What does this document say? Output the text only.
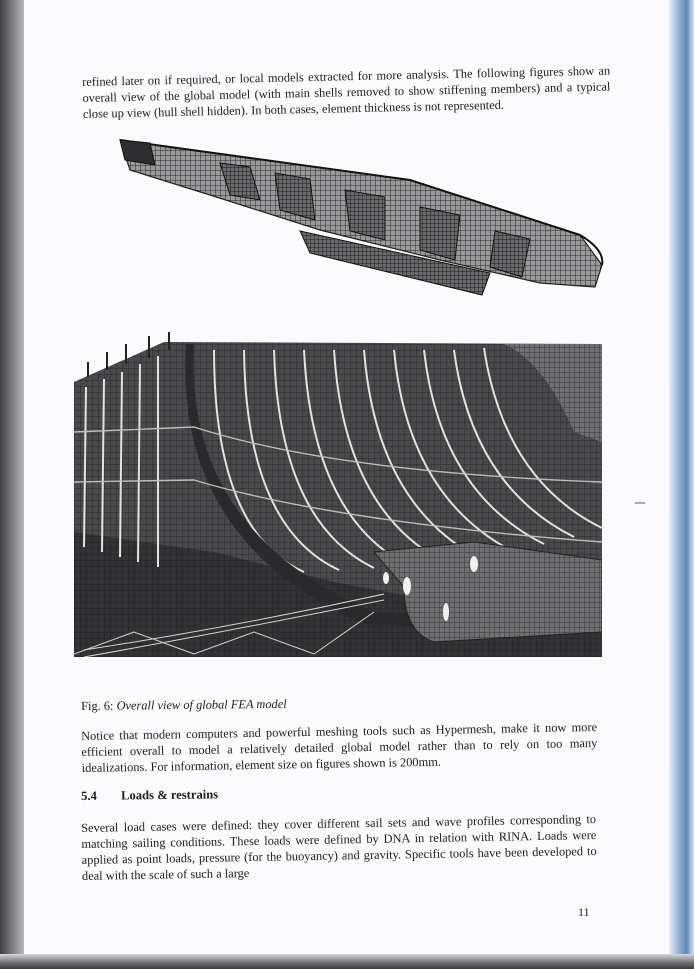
refined later on if required, or local models extracted for more analysis. The following figures show an overall view of the global model (with main shells removed to show stiffening members) and a typical close up view (hull shell hidden). In both cases, element thickness is not represented.
Fig. 6: Overall view of global FEA model
Notice that modern computers and powerful meshing tools such as Hypermesh, make it now more efficient overall to model a relatively detailed global model rather than to rely on too many idealizations. For information, element size on figures shown is 200mm.
5.4 Loads & restrains
Several load cases were defined: they cover different sail sets and wave profiles corresponding to matching sailing conditions. These loads were defined by DNA in relation with RINA. Loads were applied as point loads, pressure (for the buoyancy) and gravity. Specific tools have been developed to deal with the scale of such a large
11
